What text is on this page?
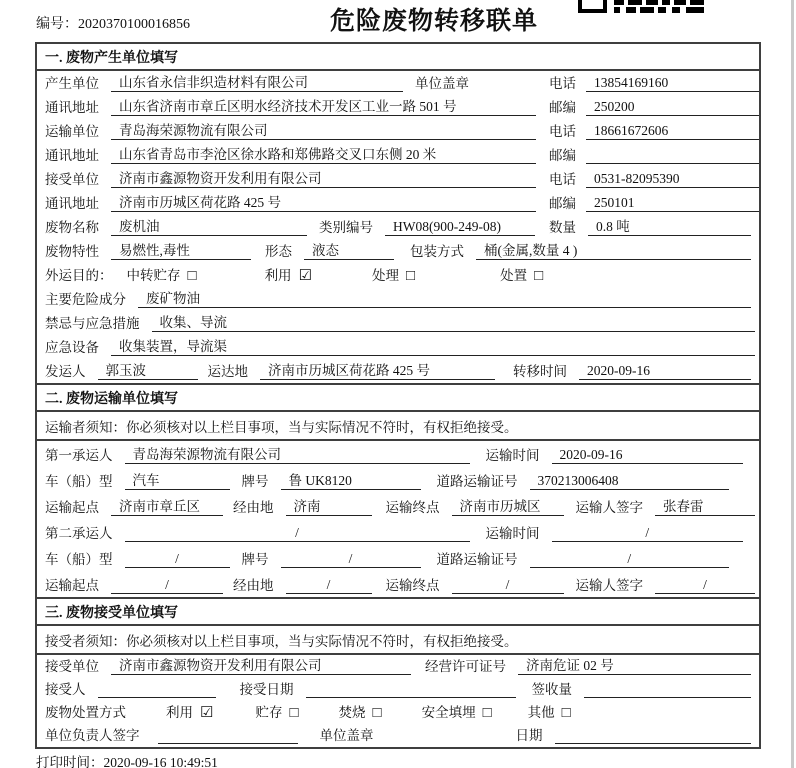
编号：2020370100016856	危险废物转移联单
一. 废物产生单位填写
产生单位	山东省永信非织造材料有限公司	单位盖章	电话	13854169160
通讯地址	山东省济南市章丘区明水经济技术开发区工业一路 501 号	邮编	250200
运输单位	青岛海荣源物流有限公司	电话	18661672606
通讯地址	山东省青岛市李沧区徐水路和郑佛路交叉口东侧 20 米	邮编
接受单位	济南市鑫源物资开发利用有限公司	电话	0531-82095390
通讯地址	济南市历城区荷花路 425 号	邮编	250101
废物名称	废机油	类别编号	HW08(900-249-08)	数量	0.8 吨
废物特性	易燃性,毒性	形态	液态	包装方式	桶(金属,数量 4 )
外运目的： 中转贮存 □	利用 ☑	处理 □	处置 □
主要危险成分	废矿物油
禁忌与应急措施	收集、导流
应急设备	收集装置，导流渠
发运人	郭玉波	运达地	济南市历城区荷花路 425 号	转移时间	2020-09-16
二. 废物运输单位填写
运输者须知：你必须核对以上栏目事项，当与实际情况不符时，有权拒绝接受。
第一承运人	青岛海荣源物流有限公司	运输时间	2020-09-16
车（船）型	汽车	牌号	鲁 UK8120	道路运输证号	370213006408
运输起点	济南市章丘区	经由地	济南	运输终点	济南市历城区	运输人签字	张春雷
第二承运人	/	运输时间	/
车（船）型	/	牌号	/	道路运输证号	/
运输起点	/	经由地	/	运输终点	/	运输人签字	/
三. 废物接受单位填写
接受者须知：你必须核对以上栏目事项，当与实际情况不符时，有权拒绝接受。
接受单位	济南市鑫源物资开发利用有限公司	经营许可证号	济南危证 02 号
接受人	接受日期	签收量
废物处置方式	利用 ☑	贮存 □	焚烧 □	安全填埋 □	其他 □
单位负责人签字	单位盖章	日期
打印时间：2020-09-16 10:49:51
